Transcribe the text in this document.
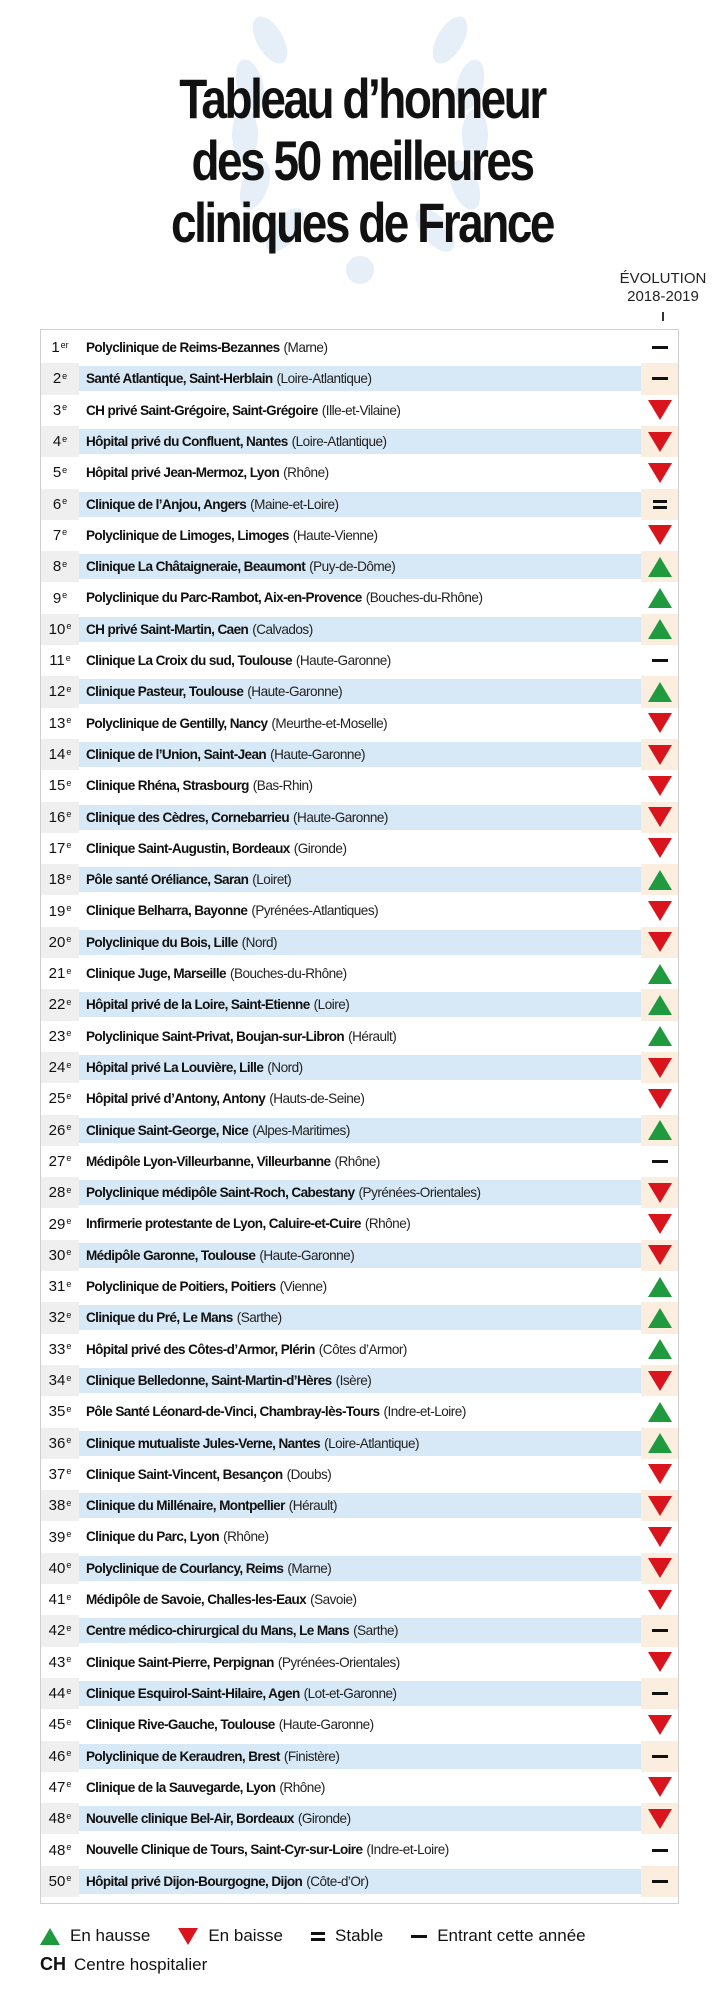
Tableau d’honneur
des 50 meilleures
cliniques de France
ÉVOLUTION
2018-2019
1er Polyclinique de Reims-Bezannes (Marne)
2e Santé Atlantique, Saint-Herblain (Loire-Atlantique)
3e CH privé Saint-Grégoire, Saint-Grégoire (Ille-et-Vilaine)
4e Hôpital privé du Confluent, Nantes (Loire-Atlantique)
5e Hôpital privé Jean-Mermoz, Lyon (Rhône)
6e Clinique de l’Anjou, Angers (Maine-et-Loire)
7e Polyclinique de Limoges, Limoges (Haute-Vienne)
8e Clinique La Châtaigneraie, Beaumont (Puy-de-Dôme)
9e Polyclinique du Parc-Rambot, Aix-en-Provence (Bouches-du-Rhône)
10e CH privé Saint-Martin, Caen (Calvados)
11e Clinique La Croix du sud, Toulouse (Haute-Garonne)
12e Clinique Pasteur, Toulouse (Haute-Garonne)
13e Polyclinique de Gentilly, Nancy (Meurthe-et-Moselle)
14e Clinique de l’Union, Saint-Jean (Haute-Garonne)
15e Clinique Rhéna, Strasbourg (Bas-Rhin)
16e Clinique des Cèdres, Cornebarrieu (Haute-Garonne)
17e Clinique Saint-Augustin, Bordeaux (Gironde)
18e Pôle santé Oréliance, Saran (Loiret)
19e Clinique Belharra, Bayonne (Pyrénées-Atlantiques)
20e Polyclinique du Bois, Lille (Nord)
21e Clinique Juge, Marseille (Bouches-du-Rhône)
22e Hôpital privé de la Loire, Saint-Etienne (Loire)
23e Polyclinique Saint-Privat, Boujan-sur-Libron (Hérault)
24e Hôpital privé La Louvière, Lille (Nord)
25e Hôpital privé d’Antony, Antony (Hauts-de-Seine)
26e Clinique Saint-George, Nice (Alpes-Maritimes)
27e Médipôle Lyon-Villeurbanne, Villeurbanne (Rhône)
28e Polyclinique médipôle Saint-Roch, Cabestany (Pyrénées-Orientales)
29e Infirmerie protestante de Lyon, Caluire-et-Cuire (Rhône)
30e Médipôle Garonne, Toulouse (Haute-Garonne)
31e Polyclinique de Poitiers, Poitiers (Vienne)
32e Clinique du Pré, Le Mans (Sarthe)
33e Hôpital privé des Côtes-d’Armor, Plérin (Côtes d’Armor)
34e Clinique Belledonne, Saint-Martin-d’Hères (Isère)
35e Pôle Santé Léonard-de-Vinci, Chambray-lès-Tours (Indre-et-Loire)
36e Clinique mutualiste Jules-Verne, Nantes (Loire-Atlantique)
37e Clinique Saint-Vincent, Besançon (Doubs)
38e Clinique du Millénaire, Montpellier (Hérault)
39e Clinique du Parc, Lyon (Rhône)
40e Polyclinique de Courlancy, Reims (Marne)
41e Médipôle de Savoie, Challes-les-Eaux (Savoie)
42e Centre médico-chirurgical du Mans, Le Mans (Sarthe)
43e Clinique Saint-Pierre, Perpignan (Pyrénées-Orientales)
44e Clinique Esquirol-Saint-Hilaire, Agen (Lot-et-Garonne)
45e Clinique Rive-Gauche, Toulouse (Haute-Garonne)
46e Polyclinique de Keraudren, Brest (Finistère)
47e Clinique de la Sauvegarde, Lyon (Rhône)
48e Nouvelle clinique Bel-Air, Bordeaux (Gironde)
48e Nouvelle Clinique de Tours, Saint-Cyr-sur-Loire (Indre-et-Loire)
50e Hôpital privé Dijon-Bourgogne, Dijon (Côte-d’Or)
En hausse	En baisse	Stable	Entrant cette année
CH Centre hospitalier
